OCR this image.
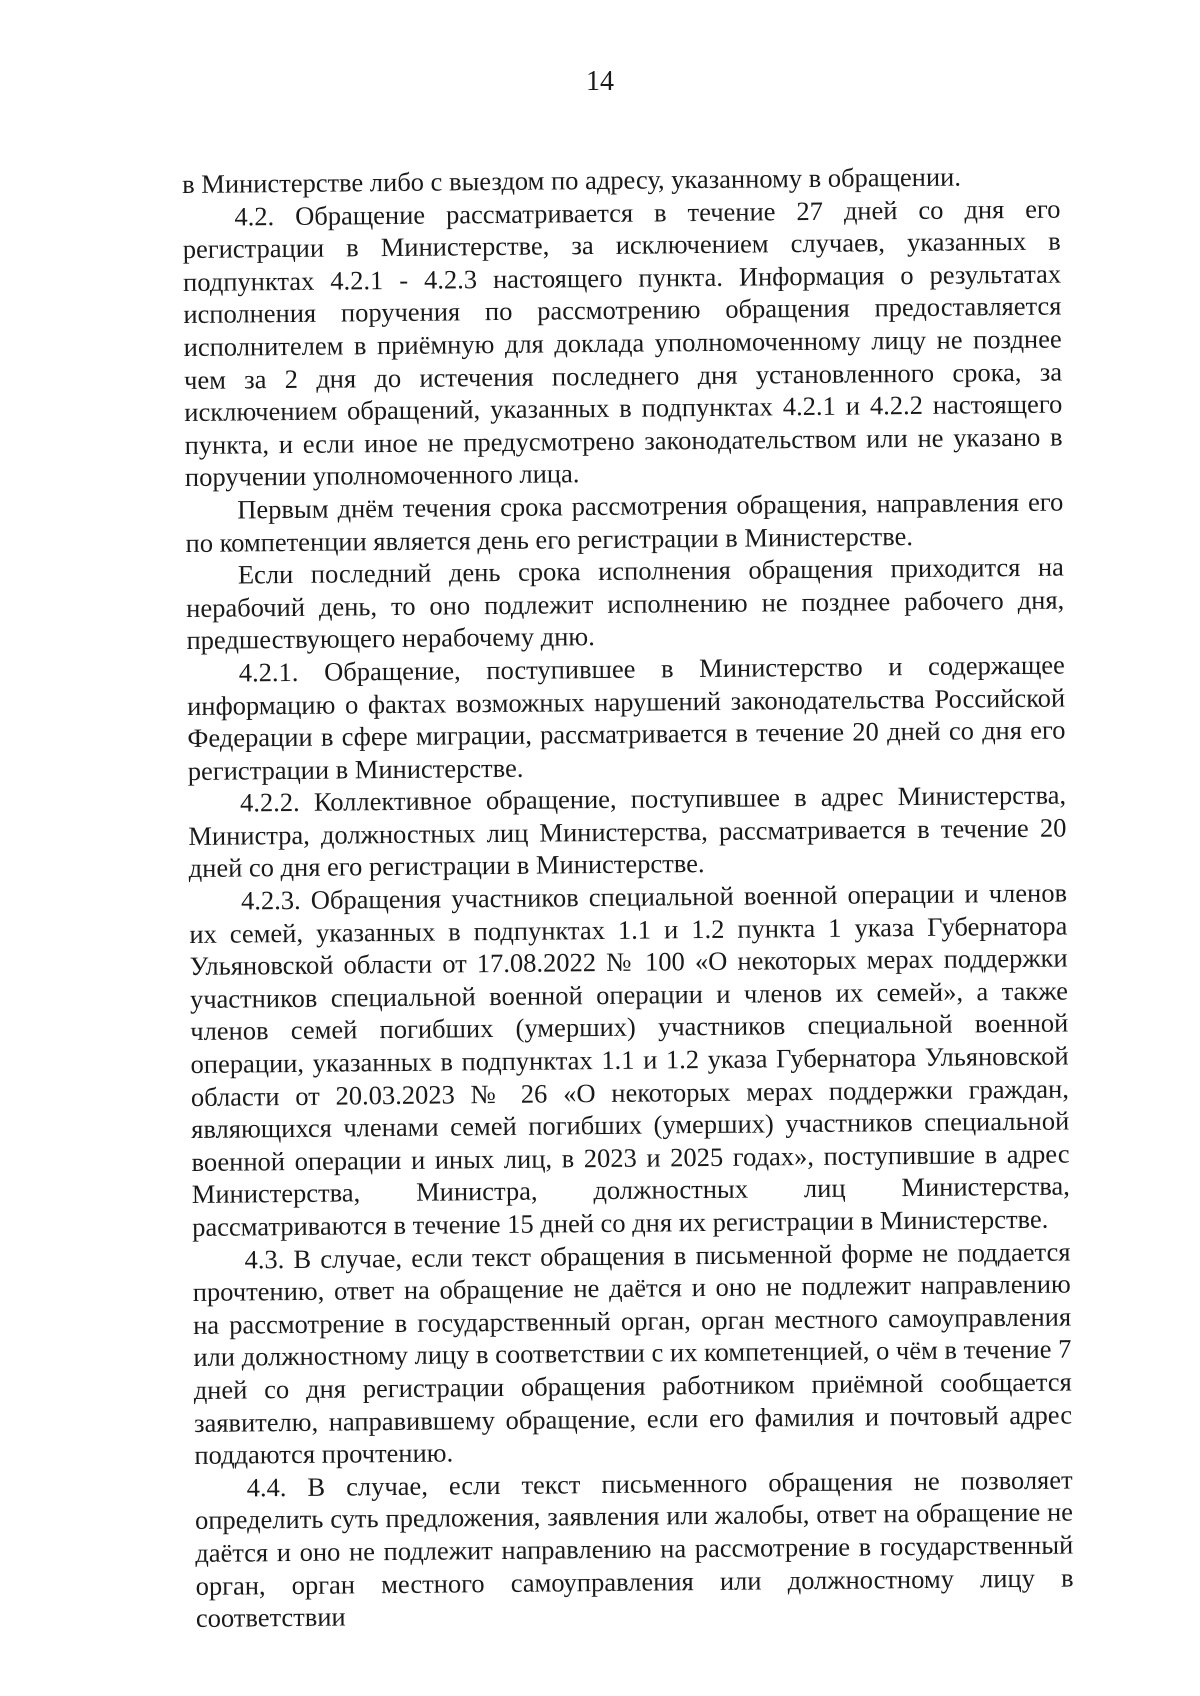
14

в Министерстве либо с выездом по адресу, указанному в обращении.

4.2. Обращение рассматривается в течение 27 дней со дня его регистрации в Министерстве, за исключением случаев, указанных в подпунктах 4.2.1 - 4.2.3 настоящего пункта. Информация о результатах исполнения поручения по рассмотрению обращения предоставляется исполнителем в приёмную для доклада уполномоченному лицу не позднее чем за 2 дня до истечения последнего дня установленного срока, за исключением обращений, указанных в подпунктах 4.2.1 и 4.2.2 настоящего пункта, и если иное не предусмотрено законодательством или не указано в поручении уполномоченного лица.

Первым днём течения срока рассмотрения обращения, направления его по компетенции является день его регистрации в Министерстве.

Если последний день срока исполнения обращения приходится на нерабочий день, то оно подлежит исполнению не позднее рабочего дня, предшествующего нерабочему дню.

4.2.1. Обращение, поступившее в Министерство и содержащее информацию о фактах возможных нарушений законодательства Российской Федерации в сфере миграции, рассматривается в течение 20 дней со дня его регистрации в Министерстве.

4.2.2. Коллективное обращение, поступившее в адрес Министерства, Министра, должностных лиц Министерства, рассматривается в течение 20 дней со дня его регистрации в Министерстве.

4.2.3. Обращения участников специальной военной операции и членов их семей, указанных в подпунктах 1.1 и 1.2 пункта 1 указа Губернатора Ульяновской области от 17.08.2022 № 100 «О некоторых мерах поддержки участников специальной военной операции и членов их семей», а также членов семей погибших (умерших) участников специальной военной операции, указанных в подпунктах 1.1 и 1.2 указа Губернатора Ульяновской области от 20.03.2023 № 26 «О некоторых мерах поддержки граждан, являющихся членами семей погибших (умерших) участников специальной военной операции и иных лиц, в 2023 и 2025 годах», поступившие в адрес Министерства, Министра, должностных лиц Министерства, рассматриваются в течение 15 дней со дня их регистрации в Министерстве.

4.3. В случае, если текст обращения в письменной форме не поддается прочтению, ответ на обращение не даётся и оно не подлежит направлению на рассмотрение в государственный орган, орган местного самоуправления или должностному лицу в соответствии с их компетенцией, о чём в течение 7 дней со дня регистрации обращения работником приёмной сообщается заявителю, направившему обращение, если его фамилия и почтовый адрес поддаются прочтению.

4.4. В случае, если текст письменного обращения не позволяет определить суть предложения, заявления или жалобы, ответ на обращение не даётся и оно не подлежит направлению на рассмотрение в государственный орган, орган местного самоуправления или должностному лицу в соответствии
